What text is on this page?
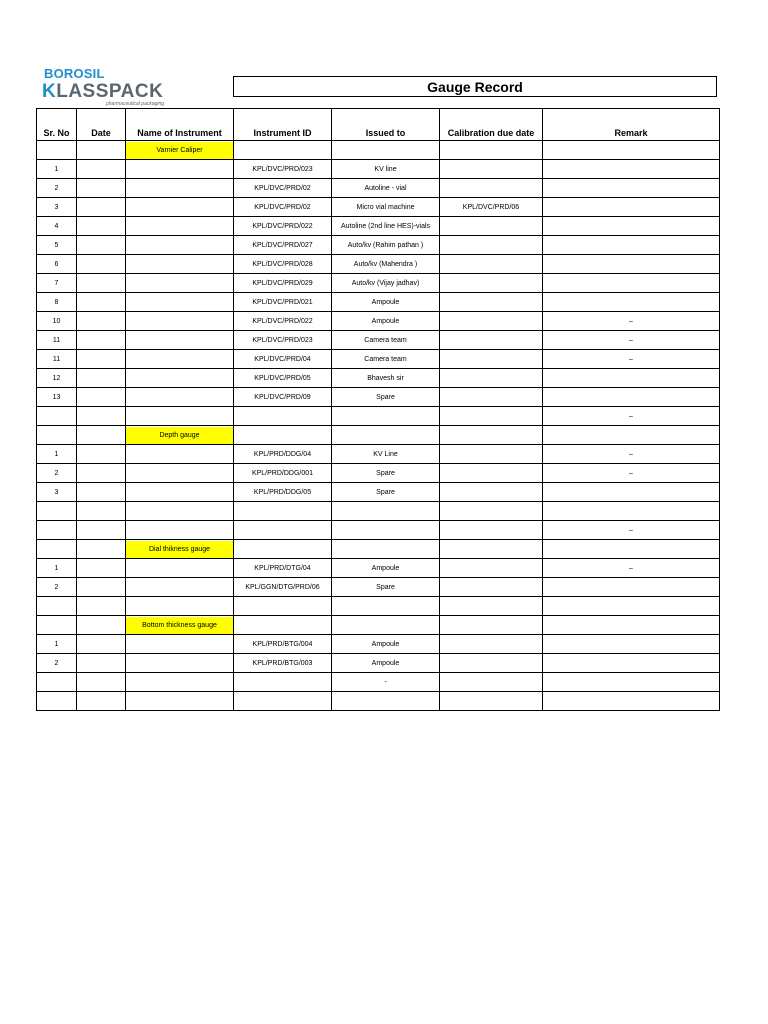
BOROSIL
KLASSPACK
pharmaceutical packaging
Gauge Record
Sr. No	Date	Name of Instrument	Instrument ID	Issued to	Calibration due date	Remark

		Varnier Caliper				

1			KPL/DVC/PRD/023	KV line		
2			KPL/DVC/PRD/02	Autoline - vial		
3			KPL/DVC/PRD/02	Micro vial machine	KPL/DVC/PRD/06	
4			KPL/DVC/PRD/022	Autoline (2nd line HES)-vials		
5			KPL/DVC/PRD/027	Auto/kv (Rahim pathan )		
6			KPL/DVC/PRD/028	Auto/kv (Mahendra )		
7			KPL/DVC/PRD/029	Auto/kv (Vijay jadhav)		
8			KPL/DVC/PRD/021	Ampoule		
10			KPL/DVC/PRD/022	Ampoule		–
11			KPL/DVC/PRD/023	Camera team		–
11			KPL/DVC/PRD/04	Camera team		–
12			KPL/DVC/PRD/05	Bhavesh sir		
13			KPL/DVC/PRD/09	Spare		
						–

		Depth gauge				

1			KPL/PRD/DDG/04	KV Line		–
2			KPL/PRD/DDG/001	Spare		–
3			KPL/PRD/DDG/05	Spare		

						–

		Dial thikness gauge				

1			KPL/PRD/DTG/04	Ampoule		–
2			KPL/GGN/DTG/PRD/06	Spare		

		Bottom thickness gauge				

1			KPL/PRD/BTG/004	Ampoule		
2			KPL/PRD/BTG/003	Ampoule		
				-		
